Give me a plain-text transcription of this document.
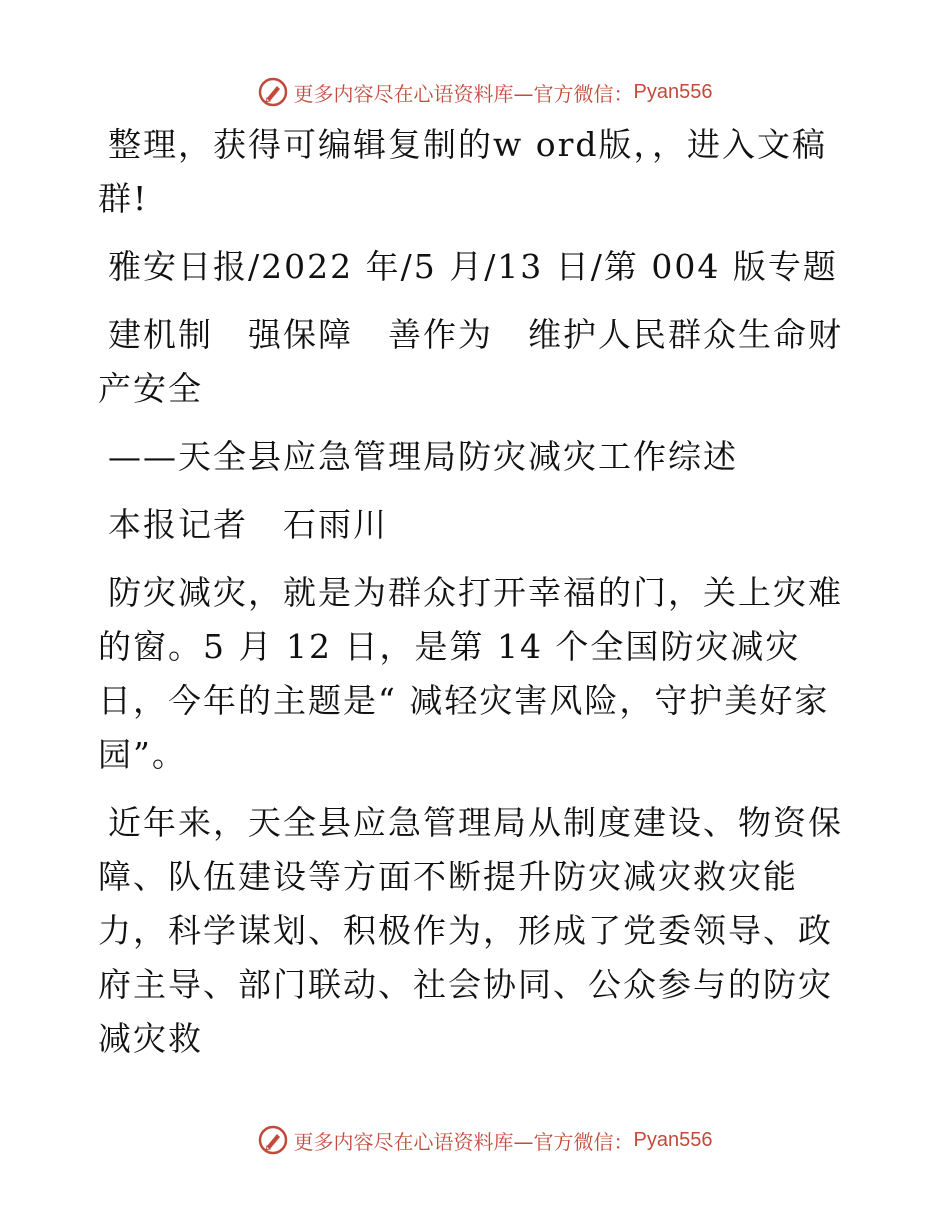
更多内容尽在心语资料库— 官方微信： Pyan556

整理，获得可编辑复制的w ord版，，进入文稿群!

雅安日报/2022 年/5 月/13 日/第 004 版专题

建机制　强保障　善作为　维护人民群众生命财产安全

——天全县应急管理局防灾减灾工作综述

本报记者　石雨川

防灾减灾，就是为群众打开幸福的门，关上灾难的窗。5 月 12 日，是第 14 个全国防灾减灾日，今年的主题是“ 减轻灾害风险，守护美好家园”。

近年来，天全县应急管理局从制度建设、物资保障、队伍建设等方面不断提升防灾减灾救灾能力，科学谋划、积极作为，形成了党委领导、政府主导、部门联动、社会协同、公众参与的防灾减灾救

更多内容尽在心语资料库— 官方微信： Pyan556
